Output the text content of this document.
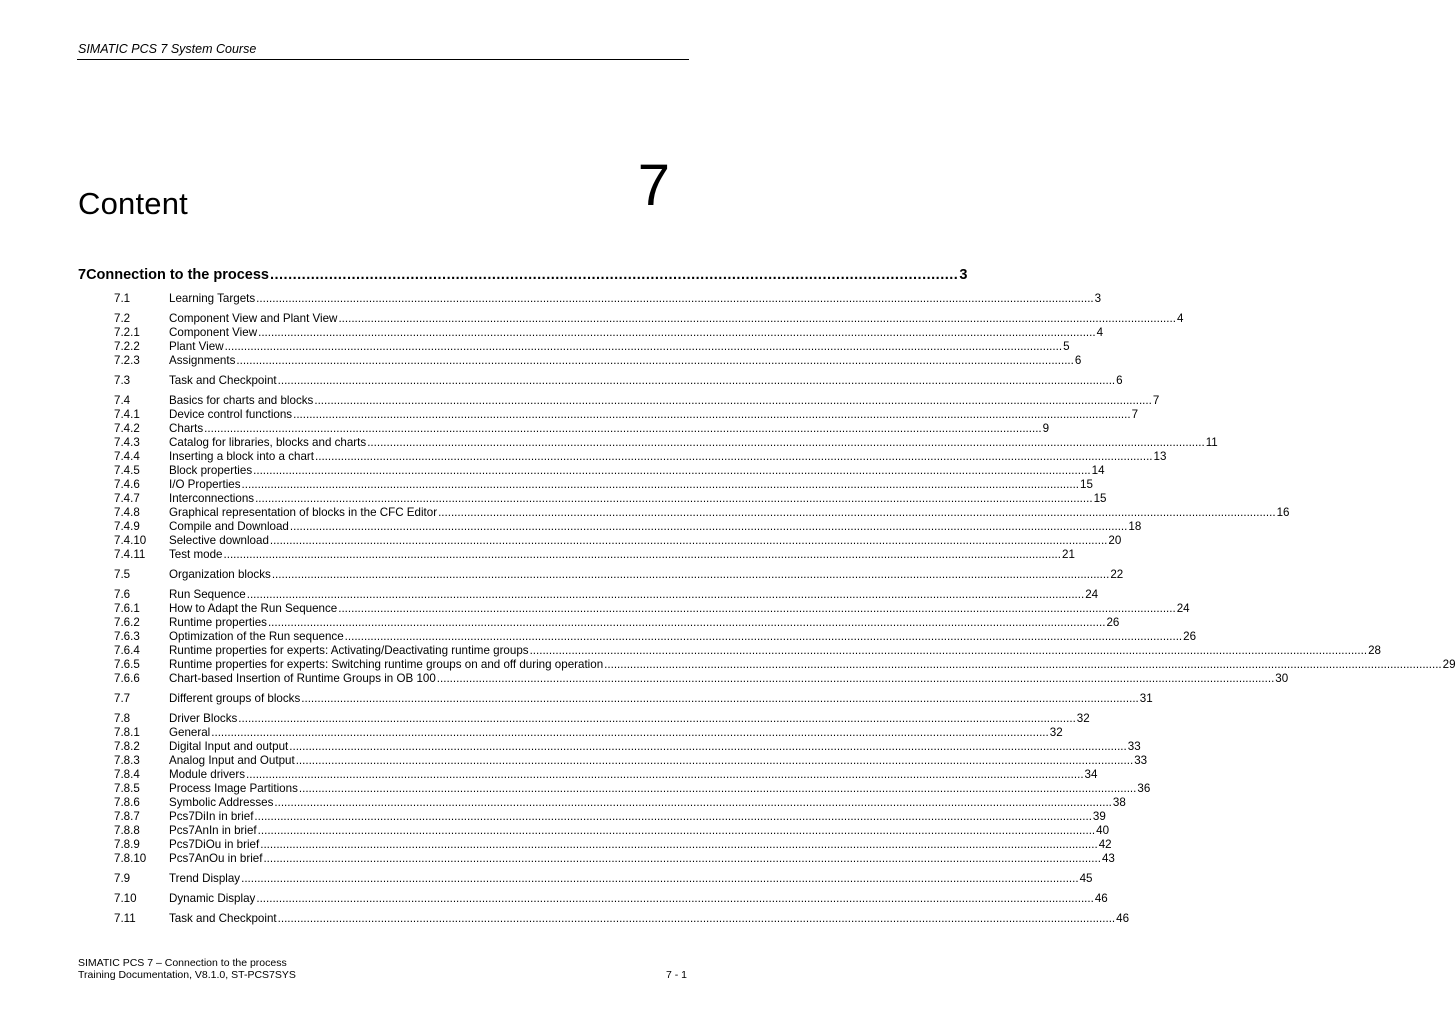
SIMATIC PCS 7 System Course
Content	7
7 Connection to the process ........................................................................................................................................................ 3
7.1	Learning Targets .................................................................................................................................................................................................................................................................... 3
7.2	Component View and Plant View .................................................................................................................................................................................................................................................................... 4
7.2.1	Component View .................................................................................................................................................................................................................................................................... 4
7.2.2	Plant View .................................................................................................................................................................................................................................................................... 5
7.2.3	Assignments .................................................................................................................................................................................................................................................................... 6
7.3	Task and Checkpoint .................................................................................................................................................................................................................................................................... 6
7.4	Basics for charts and blocks .................................................................................................................................................................................................................................................................... 7
7.4.1	Device control functions .................................................................................................................................................................................................................................................................... 7
7.4.2	Charts .................................................................................................................................................................................................................................................................... 9
7.4.3	Catalog for libraries, blocks and charts .................................................................................................................................................................................................................................................................... 11
7.4.4	Inserting a block into a chart .................................................................................................................................................................................................................................................................... 13
7.4.5	Block properties .................................................................................................................................................................................................................................................................... 14
7.4.6	I/O Properties .................................................................................................................................................................................................................................................................... 15
7.4.7	Interconnections .................................................................................................................................................................................................................................................................... 15
7.4.8	Graphical representation of blocks in the CFC Editor .................................................................................................................................................................................................................................................................... 16
7.4.9	Compile and Download .................................................................................................................................................................................................................................................................... 18
7.4.10	Selective download .................................................................................................................................................................................................................................................................... 20
7.4.11	Test mode .................................................................................................................................................................................................................................................................... 21
7.5	Organization blocks .................................................................................................................................................................................................................................................................... 22
7.6	Run Sequence .................................................................................................................................................................................................................................................................... 24
7.6.1	How to Adapt the Run Sequence .................................................................................................................................................................................................................................................................... 24
7.6.2	Runtime properties .................................................................................................................................................................................................................................................................... 26
7.6.3	Optimization of the Run sequence .................................................................................................................................................................................................................................................................... 26
7.6.4	Runtime properties for experts: Activating/Deactivating runtime groups .................................................................................................................................................................................................................................................................... 28
7.6.5	Runtime properties for experts: Switching runtime groups on and off during operation .................................................................................................................................................................................................................................................................... 29
7.6.6	Chart-based Insertion of Runtime Groups in OB 100 .................................................................................................................................................................................................................................................................... 30
7.7	Different groups of blocks .................................................................................................................................................................................................................................................................... 31
7.8	Driver Blocks .................................................................................................................................................................................................................................................................... 32
7.8.1	General .................................................................................................................................................................................................................................................................... 32
7.8.2	Digital Input and output .................................................................................................................................................................................................................................................................... 33
7.8.3	Analog Input and Output .................................................................................................................................................................................................................................................................... 33
7.8.4	Module drivers .................................................................................................................................................................................................................................................................... 34
7.8.5	Process Image Partitions .................................................................................................................................................................................................................................................................... 36
7.8.6	Symbolic Addresses .................................................................................................................................................................................................................................................................... 38
7.8.7	Pcs7DiIn in brief .................................................................................................................................................................................................................................................................... 39
7.8.8	Pcs7AnIn in brief .................................................................................................................................................................................................................................................................... 40
7.8.9	Pcs7DiOu in brief .................................................................................................................................................................................................................................................................... 42
7.8.10	Pcs7AnOu in brief .................................................................................................................................................................................................................................................................... 43
7.9	Trend Display .................................................................................................................................................................................................................................................................... 45
7.10	Dynamic Display .................................................................................................................................................................................................................................................................... 46
7.11	Task and Checkpoint .................................................................................................................................................................................................................................................................... 46
SIMATIC PCS 7 – Connection to the process
Training Documentation, V8.1.0, ST-PCS7SYS	7 - 1
